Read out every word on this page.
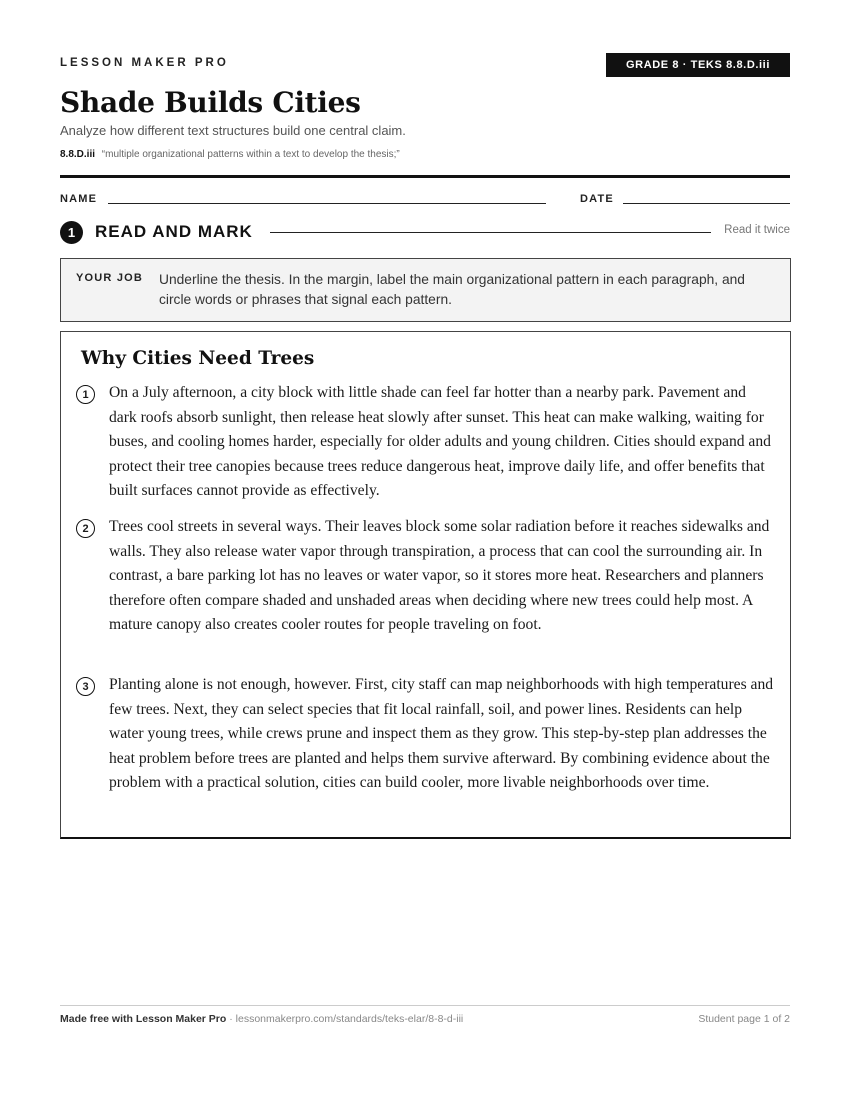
LESSON MAKER PRO	GRADE 8 · TEKS 8.8.D.iii
Shade Builds Cities
Analyze how different text structures build one central claim.
8.8.D.iii “multiple organizational patterns within a text to develop the thesis;”
NAME	DATE
1	READ AND MARK	Read it twice
YOUR JOB Underline the thesis. In the margin, label the main organizational pattern in each paragraph, and circle words or phrases that signal each pattern.
Why Cities Need Trees
1	On a July afternoon, a city block with little shade can feel far hotter than a nearby park. Pavement and dark roofs absorb sunlight, then release heat slowly after sunset. This heat can make walking, waiting for buses, and cooling homes harder, especially for older adults and young children. Cities should expand and protect their tree canopies because trees reduce dangerous heat, improve daily life, and offer benefits that built surfaces cannot provide as effectively.

2	Trees cool streets in several ways. Their leaves block some solar radiation before it reaches sidewalks and walls. They also release water vapor through transpiration, a process that can cool the surrounding air. In contrast, a bare parking lot has no leaves or water vapor, so it stores more heat. Researchers and planners therefore often compare shaded and unshaded areas when deciding where new trees could help most. A mature canopy also creates cooler routes for people traveling on foot.

3	Planting alone is not enough, however. First, city staff can map neighborhoods with high temperatures and few trees. Next, they can select species that fit local rainfall, soil, and power lines. Residents can help water young trees, while crews prune and inspect them as they grow. This step-by-step plan addresses the heat problem before trees are planted and helps them survive afterward. By combining evidence about the problem with a practical solution, cities can build cooler, more livable neighborhoods over time.

Made free with Lesson Maker Pro · lessonmakerpro.com/standards/teks-elar/8-8-d-iii	Student page 1 of 2
